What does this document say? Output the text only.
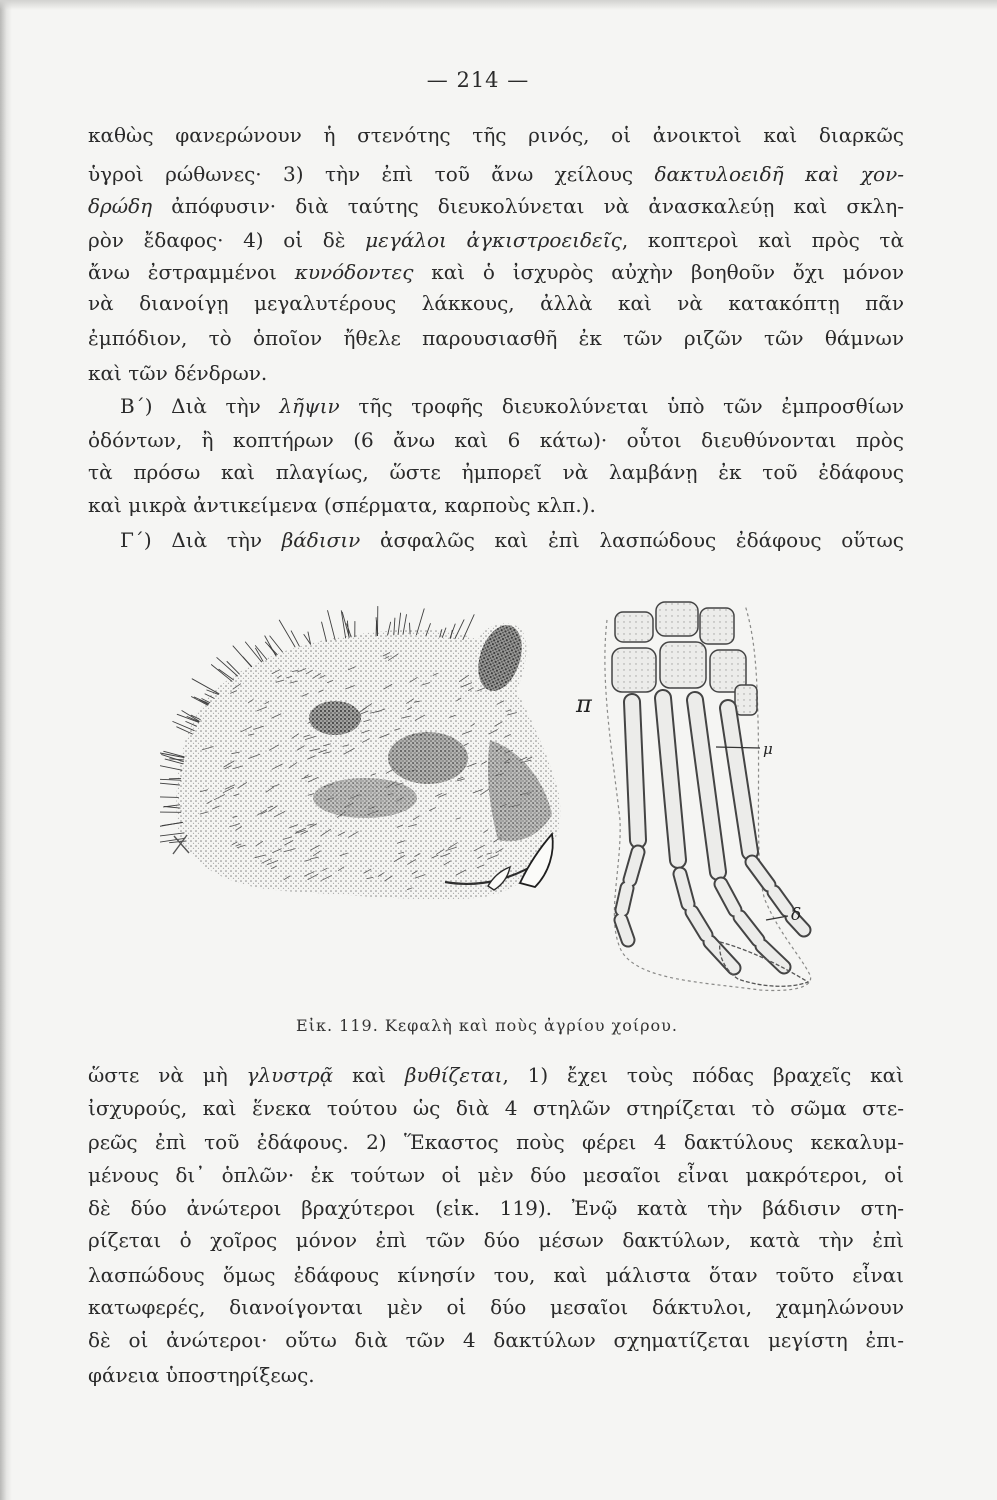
— 214 —
καθὼς φανερώνουν ἡ στενότης τῆς ρινός, οἱ ἀνοικτοὶ καὶ διαρκῶς
ὑγροὶ ρώθωνες· 3) τὴν ἐπὶ τοῦ ἄνω χείλους δακτυλοειδῆ καὶ χον-
δρώδη ἀπόφυσιν· διὰ ταύτης διευκολύνεται νὰ ἀνασκαλεύῃ καὶ σκλη-
ρὸν ἔδαφος· 4) οἱ δὲ μεγάλοι ἀγκιστροειδεῖς, κοπτεροὶ καὶ πρὸς τὰ
ἄνω ἐστραμμένοι κυνόδοντες καὶ ὁ ἰσχυρὸς αὐχὴν βοηθοῦν ὄχι μόνον
νὰ διανοίγῃ μεγαλυτέρους λάκκους, ἀλλὰ καὶ νὰ κατακόπτῃ πᾶν
ἐμπόδιον, τὸ ὁποῖον ἤθελε παρουσιασθῆ ἐκ τῶν ριζῶν τῶν θάμνων
καὶ τῶν δένδρων.
Β΄) Διὰ τὴν λῆψιν τῆς τροφῆς διευκολύνεται ὑπὸ τῶν ἐμπροσθίων
ὀδόντων, ἢ κοπτήρων (6 ἄνω καὶ 6 κάτω)· οὗτοι διευθύνονται πρὸς
τὰ πρόσω καὶ πλαγίως, ὥστε ἠμπορεῖ νὰ λαμβάνῃ ἐκ τοῦ ἐδάφους
καὶ μικρὰ ἀντικείμενα (σπέρματα, καρποὺς κλπ.).
Γ΄) Διὰ τὴν βάδισιν ἀσφαλῶς καὶ ἐπὶ λασπώδους ἐδάφους οὕτως
π
μ
δ
Εἰκ. 119. Κεφαλὴ καὶ ποὺς ἀγρίου χοίρου.
ὥστε νὰ μὴ γλυστρᾷ καὶ βυθίζεται, 1) ἔχει τοὺς πόδας βραχεῖς καὶ
ἰσχυρούς, καὶ ἕνεκα τούτου ὡς διὰ 4 στηλῶν στηρίζεται τὸ σῶμα στε-
ρεῶς ἐπὶ τοῦ ἐδάφους. 2) Ἕκαστος ποὺς φέρει 4 δακτύλους κεκαλυμ-
μένους δι᾽ ὁπλῶν· ἐκ τούτων οἱ μὲν δύο μεσαῖοι εἶναι μακρότεροι, οἱ
δὲ δύο ἀνώτεροι βραχύτεροι (εἰκ. 119). Ἐνῷ κατὰ τὴν βάδισιν στη-
ρίζεται ὁ χοῖρος μόνον ἐπὶ τῶν δύο μέσων δακτύλων, κατὰ τὴν ἐπὶ
λασπώδους ὅμως ἐδάφους κίνησίν του, καὶ μάλιστα ὅταν τοῦτο εἶναι
κατωφερές, διανοίγονται μὲν οἱ δύο μεσαῖοι δάκτυλοι, χαμηλώνουν
δὲ οἱ ἀνώτεροι· οὕτω διὰ τῶν 4 δακτύλων σχηματίζεται μεγίστη ἐπι-
φάνεια ὑποστηρίξεως.
